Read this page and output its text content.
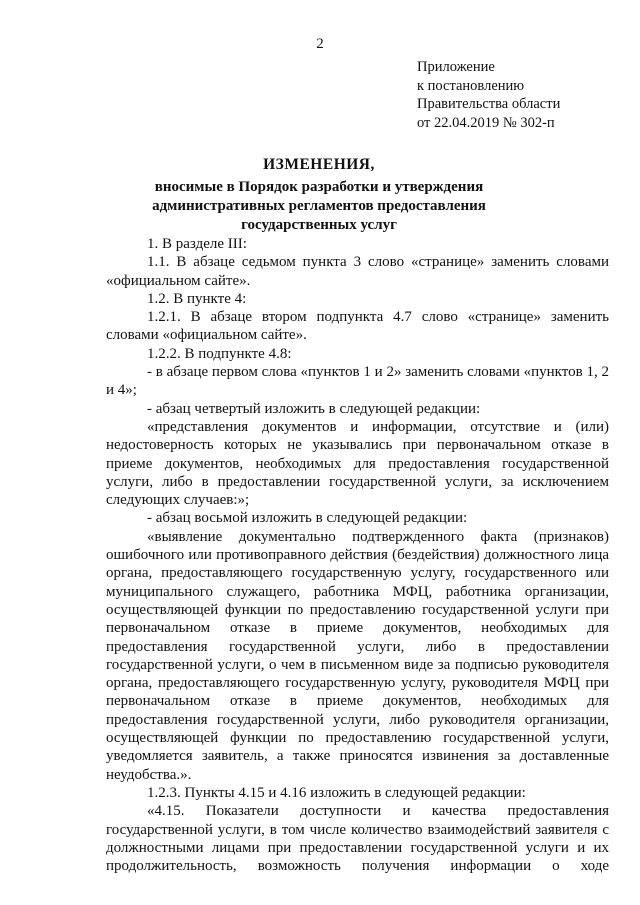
2
Приложение
к постановлению
Правительства области
от 22.04.2019 № 302-п
ИЗМЕНЕНИЯ,
вносимые в Порядок разработки и утверждения административных регламентов предоставления государственных услуг

1. В разделе III:

1.1. В абзаце седьмом пункта 3 слово «странице» заменить словами «официальном сайте».

1.2. В пункте 4:

1.2.1. В абзаце втором подпункта 4.7 слово «странице» заменить словами «официальном сайте».

1.2.2. В подпункте 4.8:

- в абзаце первом слова «пунктов 1 и 2» заменить словами «пунктов 1, 2 и 4»;

- абзац четвертый изложить в следующей редакции:

«представления документов и информации, отсутствие и (или) недостоверность которых не указывались при первоначальном отказе в приеме документов, необходимых для предоставления государственной услуги, либо в предоставлении государственной услуги, за исключением следующих случаев:»;

- абзац восьмой изложить в следующей редакции:

«выявление документально подтвержденного факта (признаков) ошибочного или противоправного действия (бездействия) должностного лица органа, предоставляющего государственную услугу, государственного или муниципального служащего, работника МФЦ, работника организации, осуществляющей функции по предоставлению государственной услуги при первоначальном отказе в приеме документов, необходимых для предоставления государственной услуги, либо в предоставлении государственной услуги, о чем в письменном виде за подписью руководителя органа, предоставляющего государственную услугу, руководителя МФЦ при первоначальном отказе в приеме документов, необходимых для предоставления государственной услуги, либо руководителя организации, осуществляющей функции по предоставлению государственной услуги, уведомляется заявитель, а также приносятся извинения за доставленные неудобства.».

1.2.3. Пункты 4.15 и 4.16 изложить в следующей редакции:

«4.15. Показатели доступности и качества предоставления государственной услуги, в том числе количество взаимодействий заявителя с должностными лицами при предоставлении государственной услуги и их продолжительность, возможность получения информации о ходе
